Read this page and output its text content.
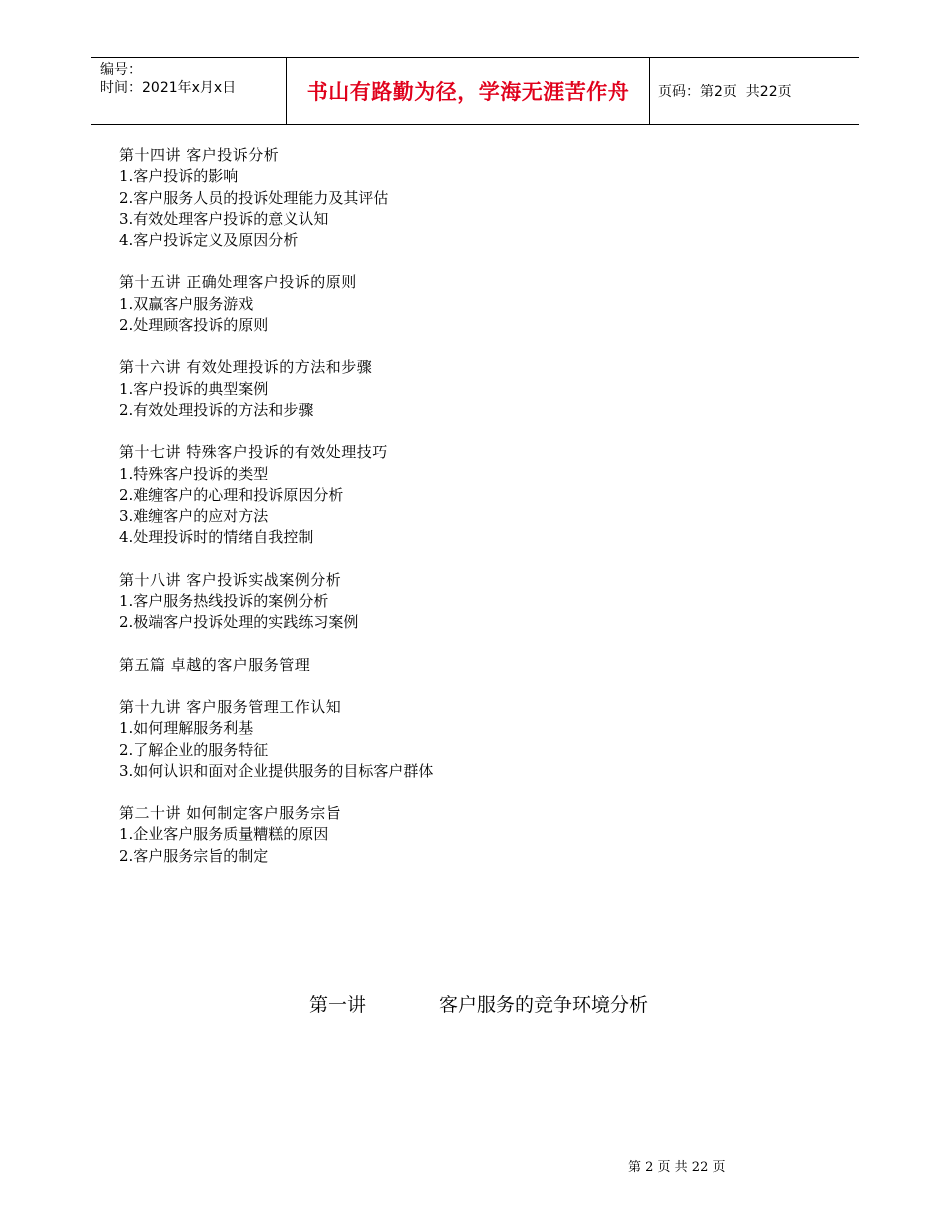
编号：
时间：2021年x月x日	书山有路勤为径，学海无涯苦作舟	页码：第2页  共22页
第十四讲 客户投诉分析
1.客户投诉的影响
2.客户服务人员的投诉处理能力及其评估
3.有效处理客户投诉的意义认知
4.客户投诉定义及原因分析
第十五讲 正确处理客户投诉的原则
1.双赢客户服务游戏
2.处理顾客投诉的原则
第十六讲 有效处理投诉的方法和步骤
1.客户投诉的典型案例
2.有效处理投诉的方法和步骤
第十七讲 特殊客户投诉的有效处理技巧
1.特殊客户投诉的类型
2.难缠客户的心理和投诉原因分析
3.难缠客户的应对方法
4.处理投诉时的情绪自我控制
第十八讲 客户投诉实战案例分析
1.客户服务热线投诉的案例分析
2.极端客户投诉处理的实践练习案例
第五篇 卓越的客户服务管理
第十九讲 客户服务管理工作认知
1.如何理解服务利基
2.了解企业的服务特征
3.如何认识和面对企业提供服务的目标客户群体
第二十讲 如何制定客户服务宗旨
1.企业客户服务质量糟糕的原因
2.客户服务宗旨的制定
第一讲	客户服务的竞争环境分析
第 2 页 共 22 页
